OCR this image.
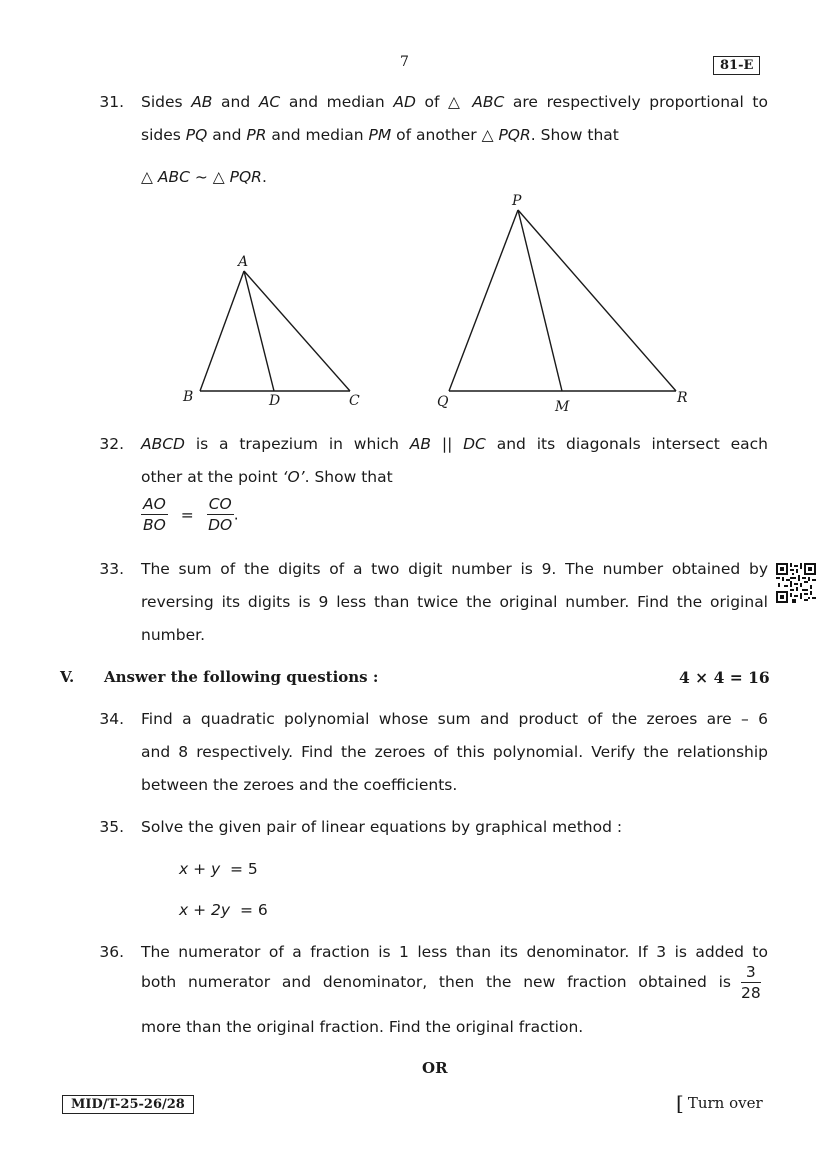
7	81-E
31. Sides AB and AC and median AD of △ ABC are respectively proportional to
sides PQ and PR and median PM of another △ PQR. Show that
△ ABC ~ △ PQR.
A
B	D	C
P
Q	M
R
32. ABCD is a trapezium in which AB || DC and its diagonals intersect each
other at the point ‘O’. Show that
$\frac{AO}{BO} = \frac{CO}{DO}$ .
33. The sum of the digits of a two digit number is 9. The number obtained by
reversing its digits is 9 less than twice the original number. Find the original
number.
V. Answer the following questions :	4 × 4 = 16
34. Find a quadratic polynomial whose sum and product of the zeroes are – 6
and 8 respectively. Find the zeroes of this polynomial. Verify the relationship
between the zeroes and the coefficients.
35. Solve the given pair of linear equations by graphical method :
x + y = 5
x + 2y = 6
36. The numerator of a fraction is 1 less than its denominator. If 3 is added to
both numerator and denominator, then the new fraction obtained is $\frac{3}{28}$
more than the original fraction. Find the original fraction.
OR
MID/T-25-26/28	[ Turn over
